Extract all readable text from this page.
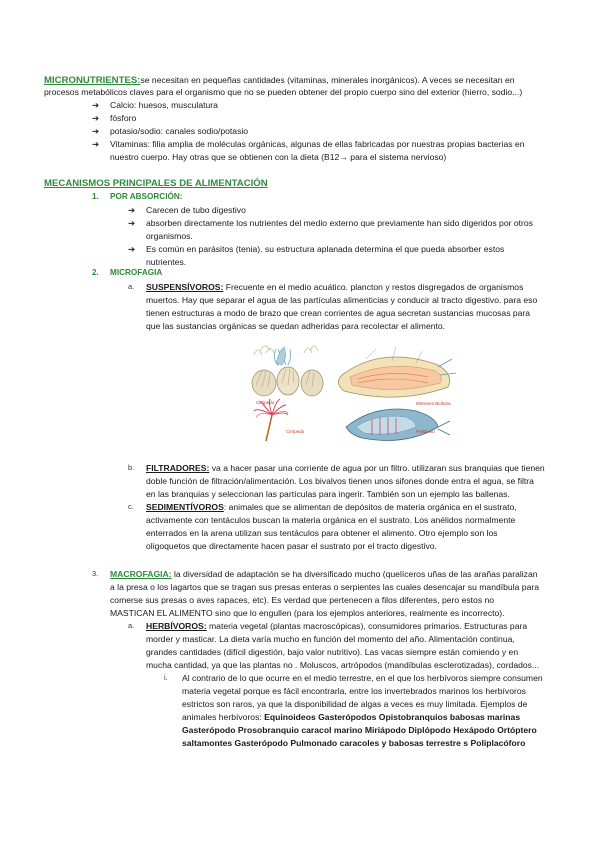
MICRONUTRIENTES:se necesitan en pequeñas cantidades (vitaminas, minerales inorgánicos). A veces se necesitan en
procesos metabólicos claves para el organismo que no se pueden obtener del propio cuerpo sino del exterior (hierro, sodio...)
➔ Calcio: huesos, musculatura
➔ fósforo
➔ potasio/sodio: canales sodio/potasio
➔ Vitaminas: filia amplia de moléculas orgánicas, algunas de ellas fabricadas por nuestras propias bacterias en
nuestro cuerpo. Hay otras que se obtienen con la dieta (B12→ para el sistema nervioso)
MECANISMOS PRINCIPALES DE ALIMENTACIÓN
1. POR ABSORCIÓN:
➔ Carecen de tubo digestivo
➔ absorben directamente los nutrientes del medio externo que previamente han sido digeridos por otros
organismos.
➔ Es común en parásitos (tenia). su estructura aplanada determina el que pueda absorber estos
nutrientes.
2. MICROFAGIA
a. SUSPENSÍVOROS: Frecuente en el medio acuático. plancton y restos disgregados de organismos
muertos. Hay que separar el agua de las partículas alimenticias y conducir al tracto digestivo. para eso
tienen estructuras a modo de brazo que crean corrientes de agua secretan sustancias mucosas para
que las sustancias orgánicas se quedan adheridas para recolectar el alimento.
Cirripedo
Cirripedo
Mimeses Biofuria
Poliqueto
b. FILTRADORES: va a hacer pasar una corriente de agua por un filtro. utilizaran sus branquias que tienen
doble función de filtración/alimentación. Los bivalvos tienen unos sifones donde entra el agua, se filtra
en las branquias y seleccionan las partículas para ingerir. También son un ejemplo las ballenas.
c. SEDIMENTÍVOROS: animales que se alimentan de depósitos de materia orgánica en el sustrato,
activamente con tentáculos buscan la materia orgánica en el sustrato. Los anélidos normalmente
enterrados en la arena utilizan sus tentáculos para obtener el alimento. Otro ejemplo son los
oligoquetos que directamente hacen pasar el sustrato por el tracto digestivo.
3. MACROFAGIA: la diversidad de adaptación se ha diversificado mucho (quelíceros uñas de las arañas paralizan
a la presa o los lagartos que se tragan sus presas enteras o serpientes las cuales desencajar su mandíbula para
comerse sus presas o aves rapaces, etc). Es verdad que pertenecen a filos diferentes, pero estos no
MASTICAN EL ALIMENTO sino que lo engullen (para los ejemplos anteriores, realmente es incorrecto).
a. HERBÍVOROS: materia vegetal (plantas macroscópicas), consumidores primarios. Estructuras para
morder y masticar. La dieta varía mucho en función del momento del año. Alimentación continua,
grandes cantidades (difícil digestión, bajo valor nutritivo). Las vacas siempre están comiendo y en
mucha cantidad, ya que las plantas no . Moluscos, artrópodos (mandíbulas esclerotizadas), cordados...
i. Al contrario de lo que ocurre en el medio terrestre, en el que los herbívoros siempre consumen
materia vegetal porque es fácil encontrarla, entre los invertebrados marinos los herbívoros
estrictos son raros, ya que la disponibilidad de algas a veces es muy limitada. Ejemplos de
animales herbívoros: Equinoideos Gasterópodos Opistobranquios babosas marinas
Gasterópodo Prosobranquio caracol marino Miriápodo Diplópodo Hexápodo Ortóptero
saltamontes Gasterópodo Pulmonado caracoles y babosas terrestre s Poliplacóforo
